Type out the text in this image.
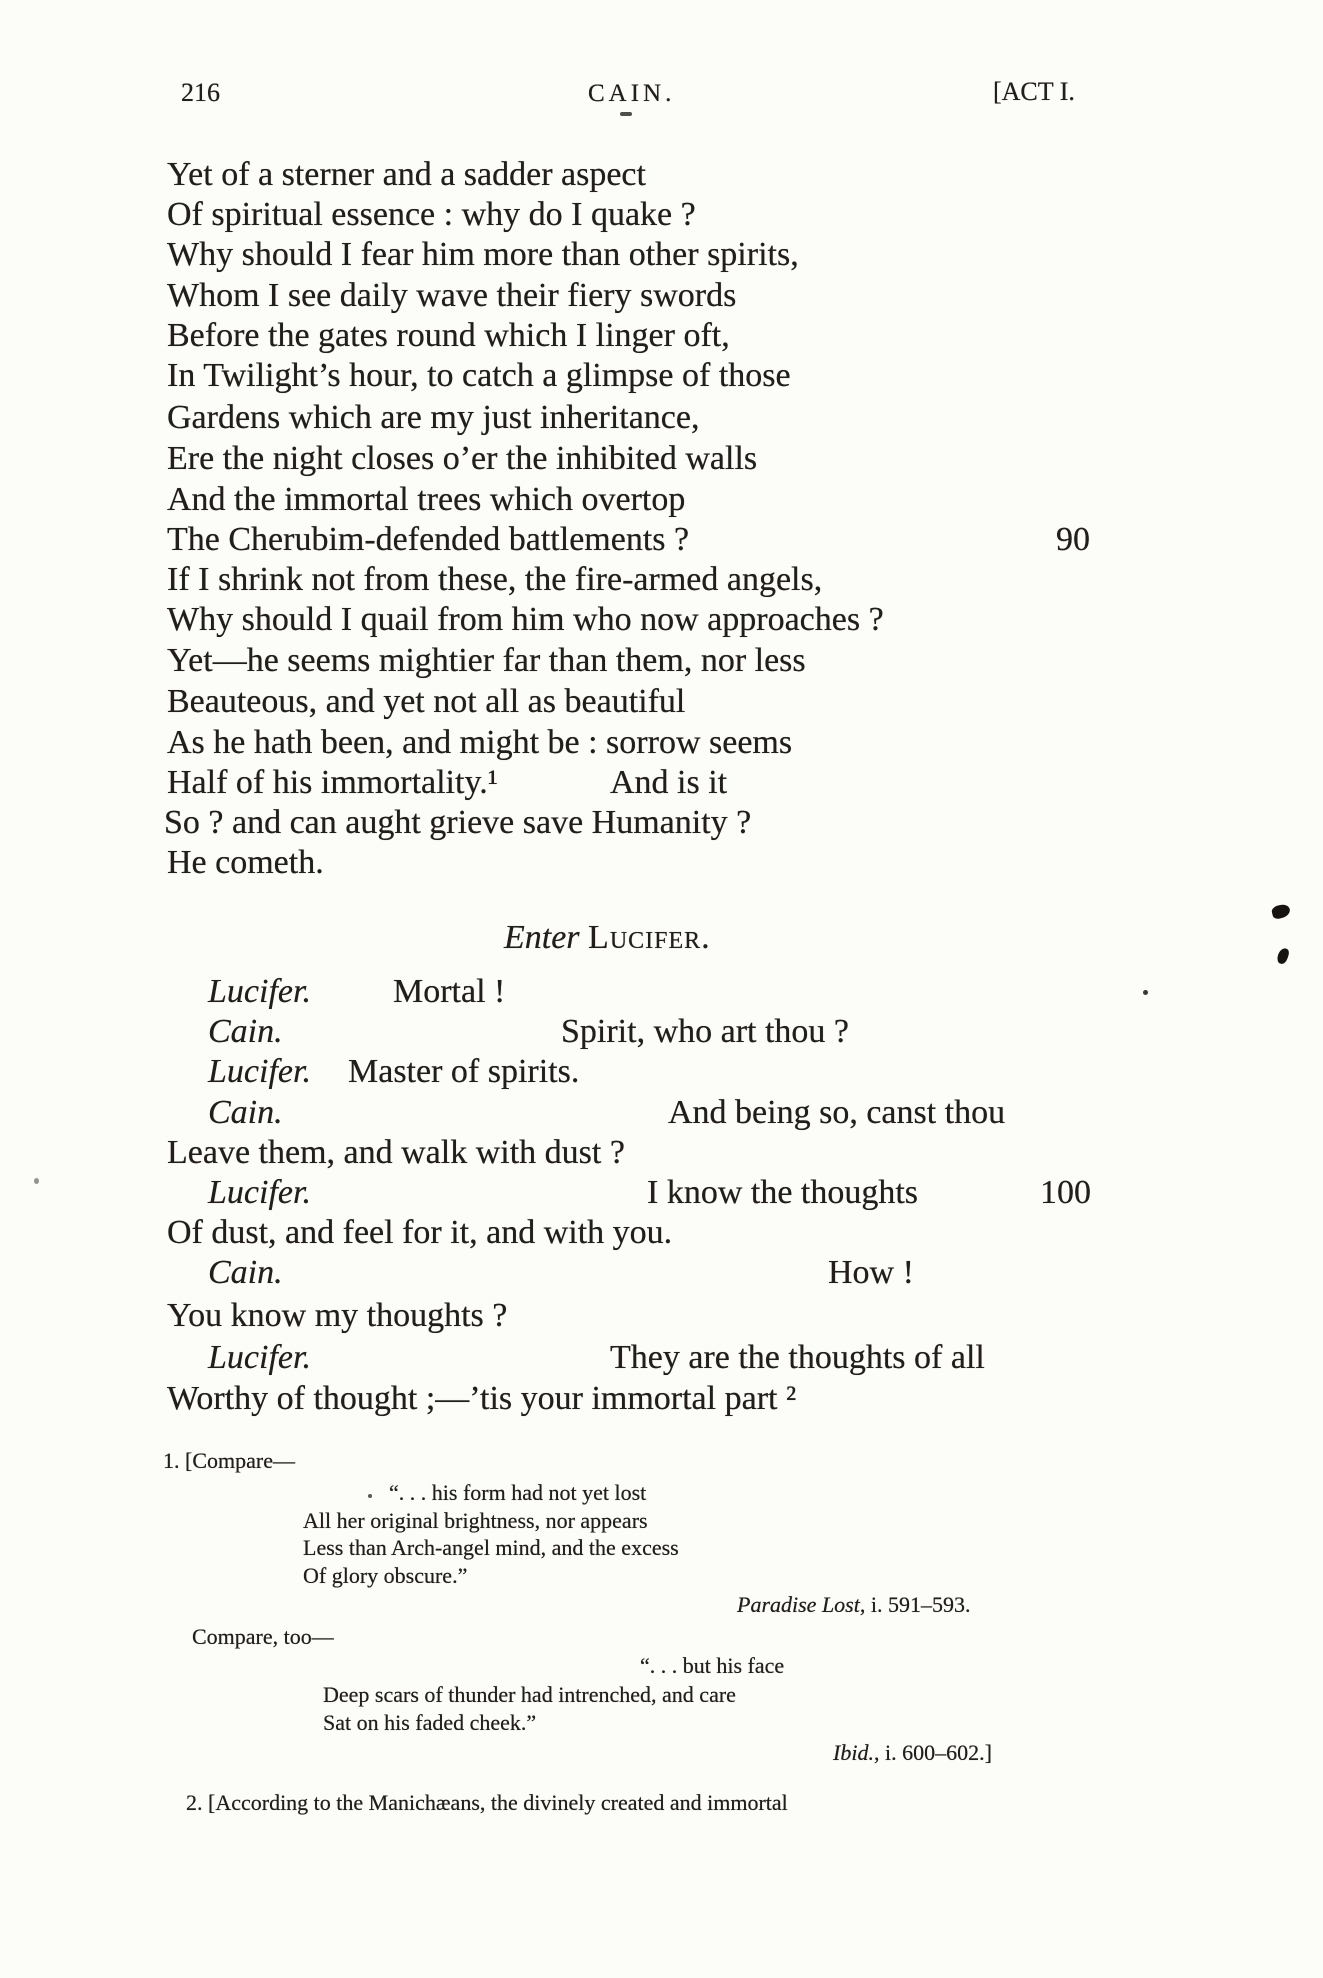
216	CAIN.	[ACT I.
Yet of a sterner and a sadder aspect
Of spiritual essence : why do I quake ?
Why should I fear him more than other spirits,
Whom I see daily wave their fiery swords
Before the gates round which I linger oft,
In Twilight’s hour, to catch a glimpse of those
Gardens which are my just inheritance,
Ere the night closes o’er the inhibited walls
And the immortal trees which overtop
The Cherubim-defended battlements ?	90
If I shrink not from these, the fire-armed angels,
Why should I quail from him who now approaches ?
Yet—he seems mightier far than them, nor less
Beauteous, and yet not all as beautiful
As he hath been, and might be : sorrow seems
Half of his immortality.¹	And is it
So ? and can aught grieve save Humanity ?
He cometh.
Enter Lucifer.
Lucifer. Mortal !
Cain.	Spirit, who art thou ?
Lucifer. Master of spirits.
Cain.	And being so, canst thou
Leave them, and walk with dust ?
Lucifer.	I know the thoughts	100
Of dust, and feel for it, and with you.
Cain.	How !
You know my thoughts ?
Lucifer.	They are the thoughts of all
Worthy of thought ;—’tis your immortal part ²
1. [Compare—
“. . . his form had not yet lost
All her original brightness, nor appears
Less than Arch-angel mind, and the excess
Of glory obscure.”
Paradise Lost, i. 591–593.
Compare, too—
“. . . but his face
Deep scars of thunder had intrenched, and care
Sat on his faded cheek.”
Ibid., i. 600–602.]
2. [According to the Manichæans, the divinely created and immortal
